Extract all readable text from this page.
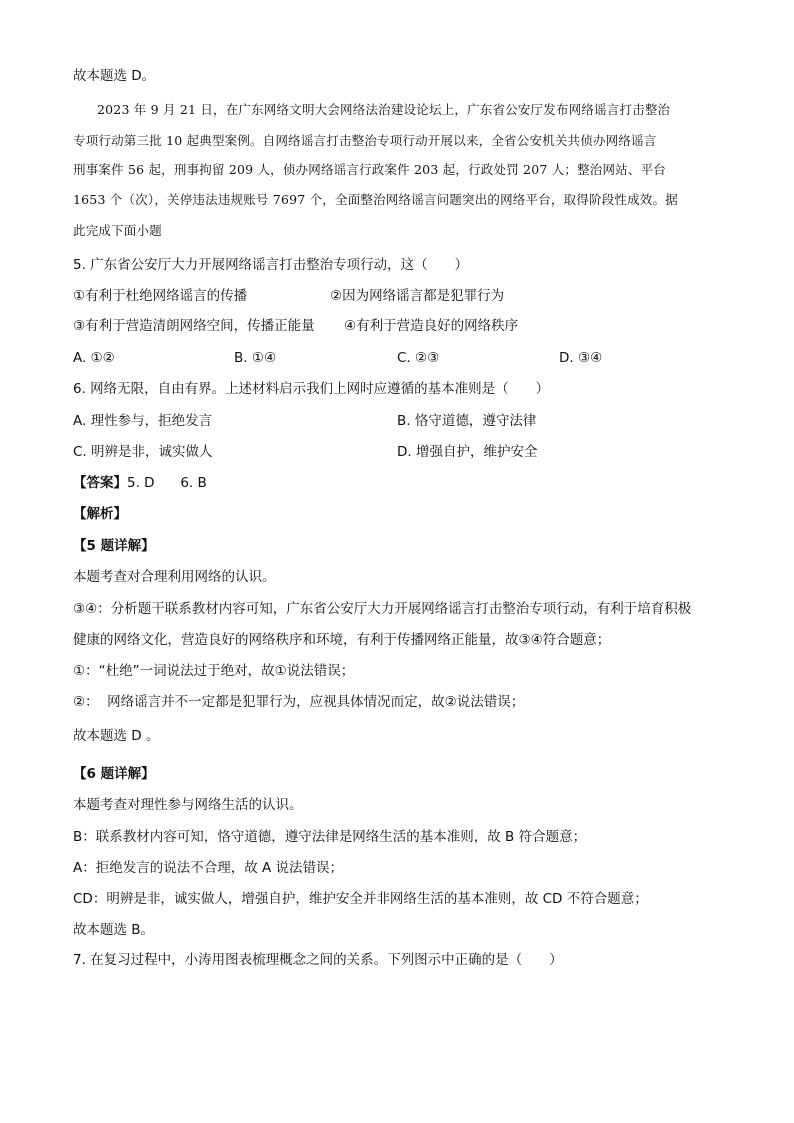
故本题选 D。
2023 年 9 月 21 日，在广东网络文明大会网络法治建设论坛上，广东省公安厅发布网络谣言打击整治
专项行动第三批 10 起典型案例。自网络谣言打击整治专项行动开展以来，全省公安机关共侦办网络谣言
刑事案件 56 起，刑事拘留 209 人，侦办网络谣言行政案件 203 起，行政处罚 207 人；整治网站、平台
1653 个（次），关停违法违规账号 7697 个，全面整治网络谣言问题突出的网络平台，取得阶段性成效。据
此完成下面小题
5. 广东省公安厅大力开展网络谣言打击整治专项行动，这（　　）
①有利于杜绝网络谣言的传播	②因为网络谣言都是犯罪行为
③有利于营造清朗网络空间，传播正能量 ④有利于营造良好的网络秩序
A. ①②	B. ①④	C. ②③	D. ③④
6. 网络无限，自由有界。上述材料启示我们上网时应遵循的基本准则是（　　）
A. 理性参与，拒绝发言	B. 恪守道德，遵守法律
C. 明辨是非，诚实做人	D. 增强自护，维护安全
【答案】5. D      6. B
【解析】
【5 题详解】
本题考查对合理利用网络的认识。
③④：分析题干联系教材内容可知，广东省公安厅大力开展网络谣言打击整治专项行动，有利于培育积极
健康的网络文化，营造良好的网络秩序和环境，有利于传播网络正能量，故③④符合题意；
①：“杜绝”一词说法过于绝对，故①说法错误；
②：  网络谣言并不一定都是犯罪行为，应视具体情况而定，故②说法错误；
故本题选 D 。
【6 题详解】
本题考查对理性参与网络生活的认识。
B：联系教材内容可知，恪守道德，遵守法律是网络生活的基本准则，故 B 符合题意；
A：拒绝发言的说法不合理，故 A 说法错误；
CD：明辨是非，诚实做人，增强自护，维护安全并非网络生活的基本准则，故 CD 不符合题意；
故本题选 B。
7. 在复习过程中，小涛用图表梳理概念之间的关系。下列图示中正确的是（　　）
